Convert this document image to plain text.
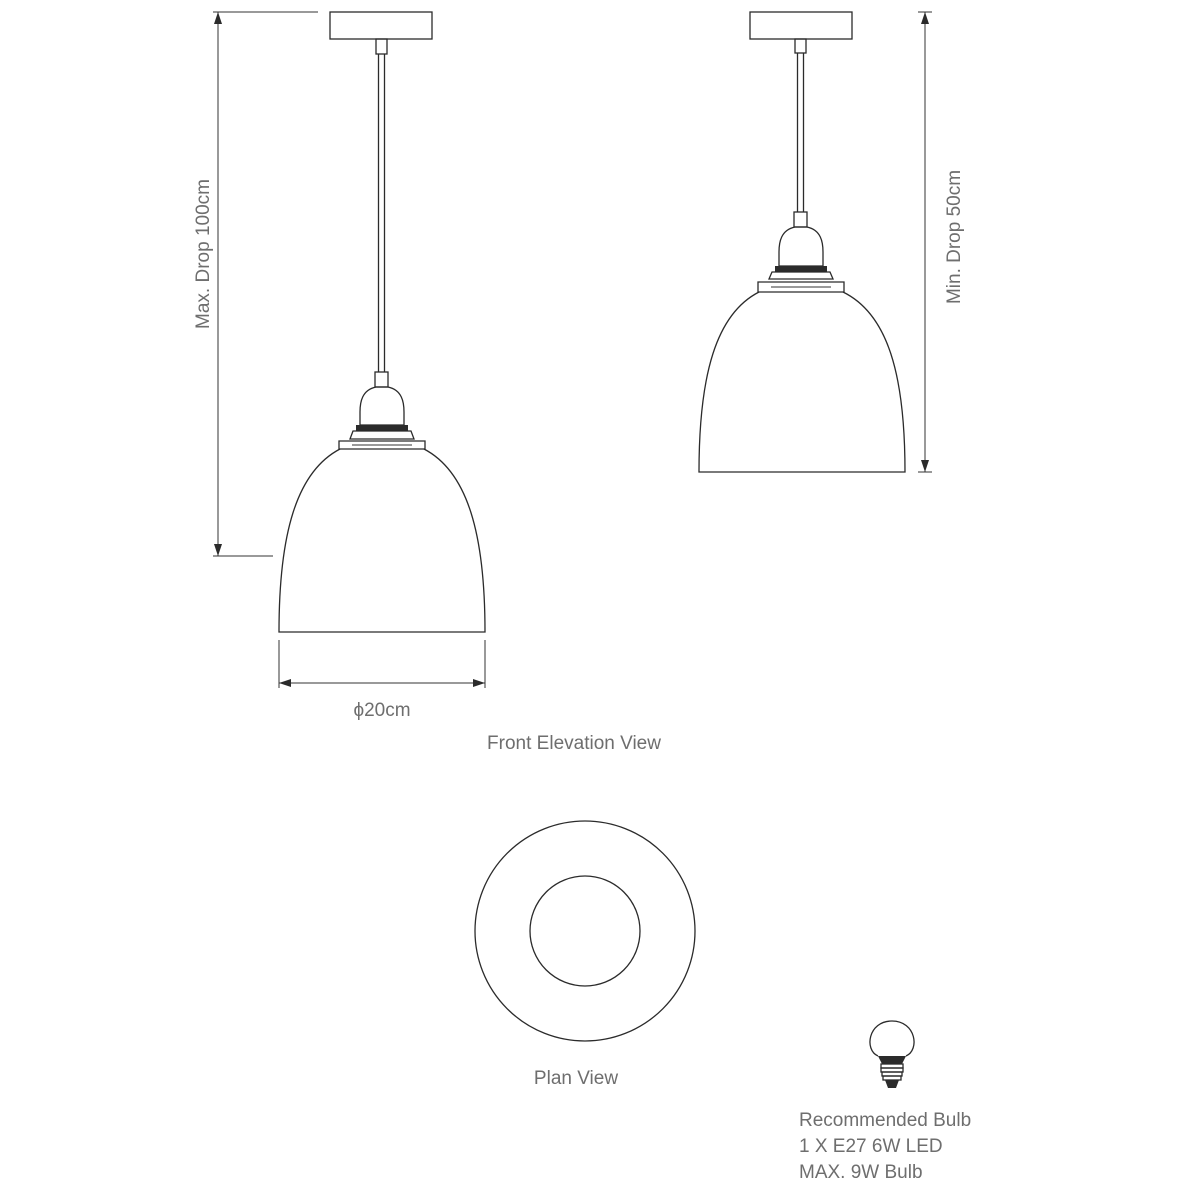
Max. Drop 100cm
ϕ20cm
Min. Drop 50cm
Front Elevation View
Plan View
Recommended Bulb
1 X E27 6W LED
MAX. 9W Bulb
